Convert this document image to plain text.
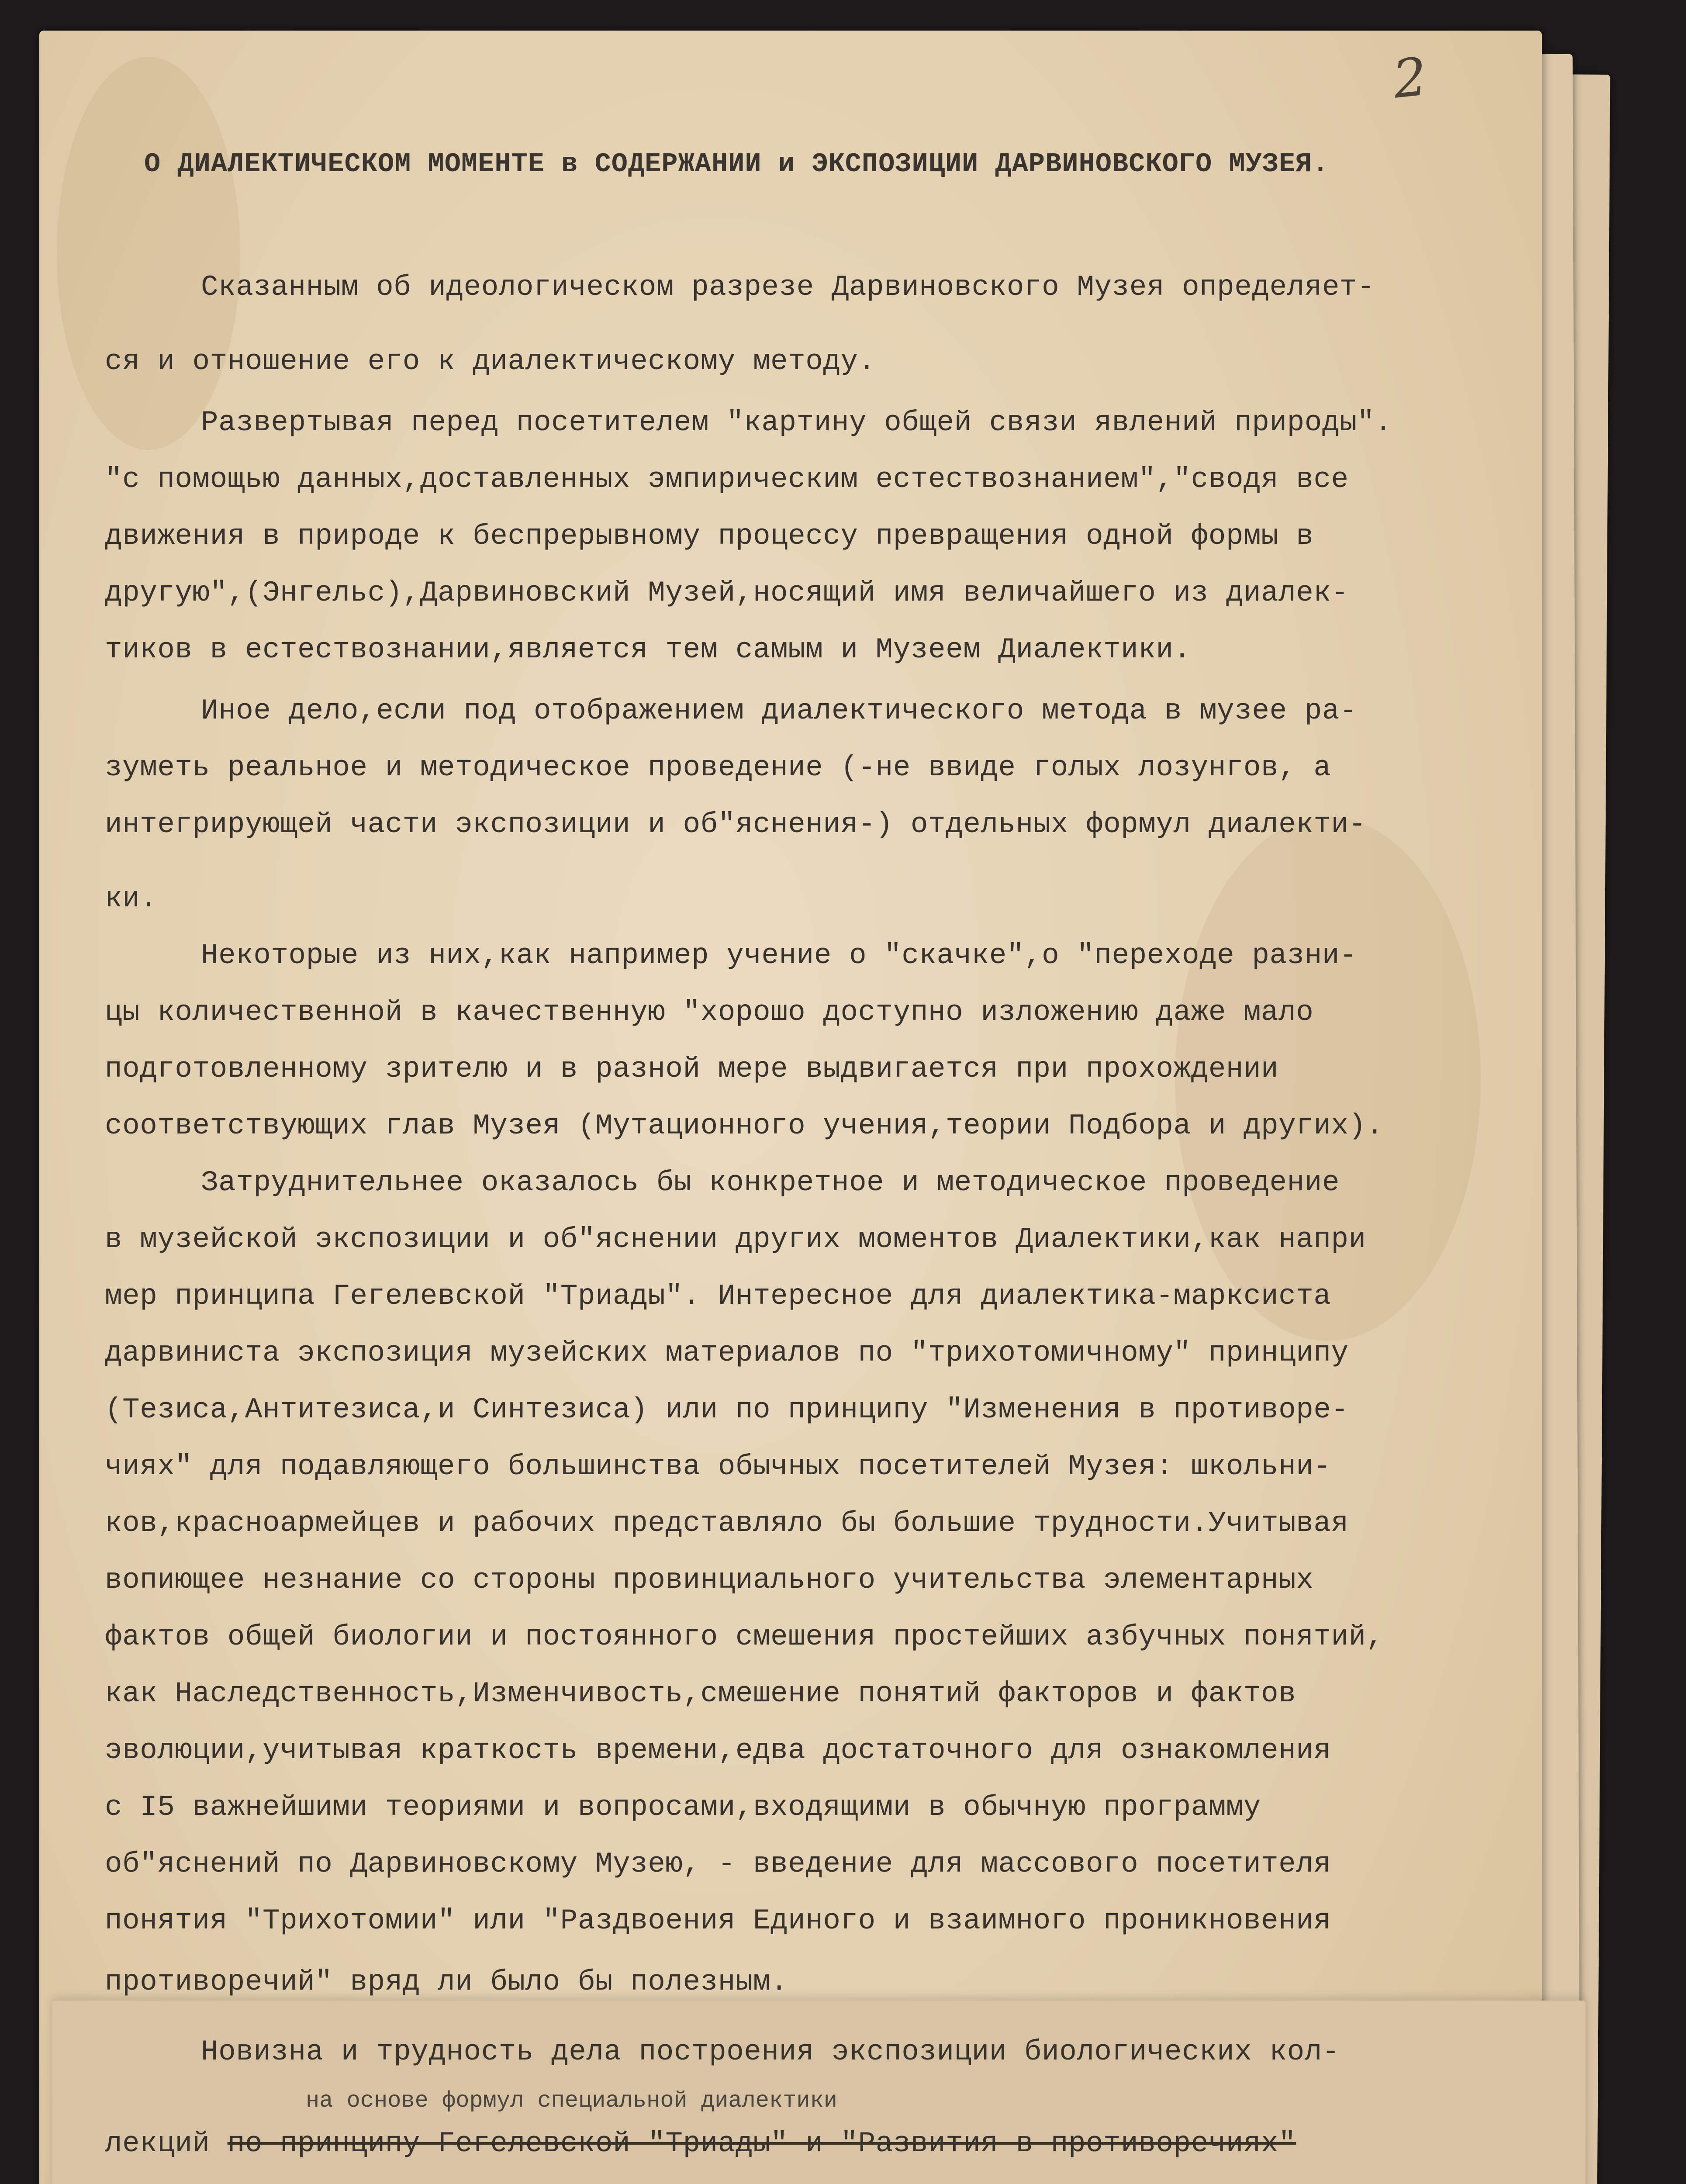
2
О ДИАЛЕКТИЧЕСКОМ МОМЕНТЕ в СОДЕРЖАНИИ и ЭКСПОЗИЦИИ ДАРВИНОВСКОГО МУЗЕЯ.
Сказанным об идеологическом разрезе Дарвиновского Музея определяет-
ся и отношение его к диалектическому методу.
Развертывая перед посетителем "картину общей связи явлений природы".
"с помощью данных,доставленных эмпирическим естествознанием","сводя все
движения в природе к беспрерывному процессу превращения одной формы в
другую",(Энгельс),Дарвиновский Музей,носящий имя величайшего из диалек-
тиков в естествознании,является тем самым и Музеем Диалектики.
Иное дело,если под отображением диалектического метода в музее ра-
зуметь реальное и методическое проведение (-не ввиде голых лозунгов, а
интегрирующей части экспозиции и об"яснения-) отдельных формул диалекти-
ки.
Некоторые из них,как например учение о "скачке",о "переходе разни-
цы количественной в качественную "хорошо доступно изложению даже мало
подготовленному зрителю и в разной мере выдвигается при прохождении
соответствующих глав Музея (Мутационного учения,теории Подбора и других).
Затруднительнее оказалось бы конкретное и методическое проведение
в музейской экспозиции и об"яснении других моментов Диалектики,как напри
мер принципа Гегелевской "Триады". Интересное для диалектика-марксиста
дарвиниста экспозиция музейских материалов по "трихотомичному" принципу
(Тезиса,Антитезиса,и Синтезиса) или по принципу "Изменения в противоре-
чиях" для подавляющего большинства обычных посетителей Музея: школьни-
ков,красноармейцев и рабочих представляло бы большие трудности.Учитывая
вопиющее незнание со стороны провинциального учительства элементарных
фактов общей биологии и постоянного смешения простейших азбучных понятий,
как Наследственность,Изменчивость,смешение понятий факторов и фактов
эволюции,учитывая краткость времени,едва достаточного для ознакомления
с I5 важнейшими теориями и вопросами,входящими в обычную программу
об"яснений по Дарвиновскому Музею, - введение для массового посетителя
понятия "Трихотомии" или "Раздвоения Единого и взаимного проникновения
противоречий" вряд ли было бы полезным.
Новизна и трудность дела построения экспозиции биологических кол-
на основе формул специальной диалектики
лекций по принципу Гегелевской "Триады" и "Развития в противоречиях"
